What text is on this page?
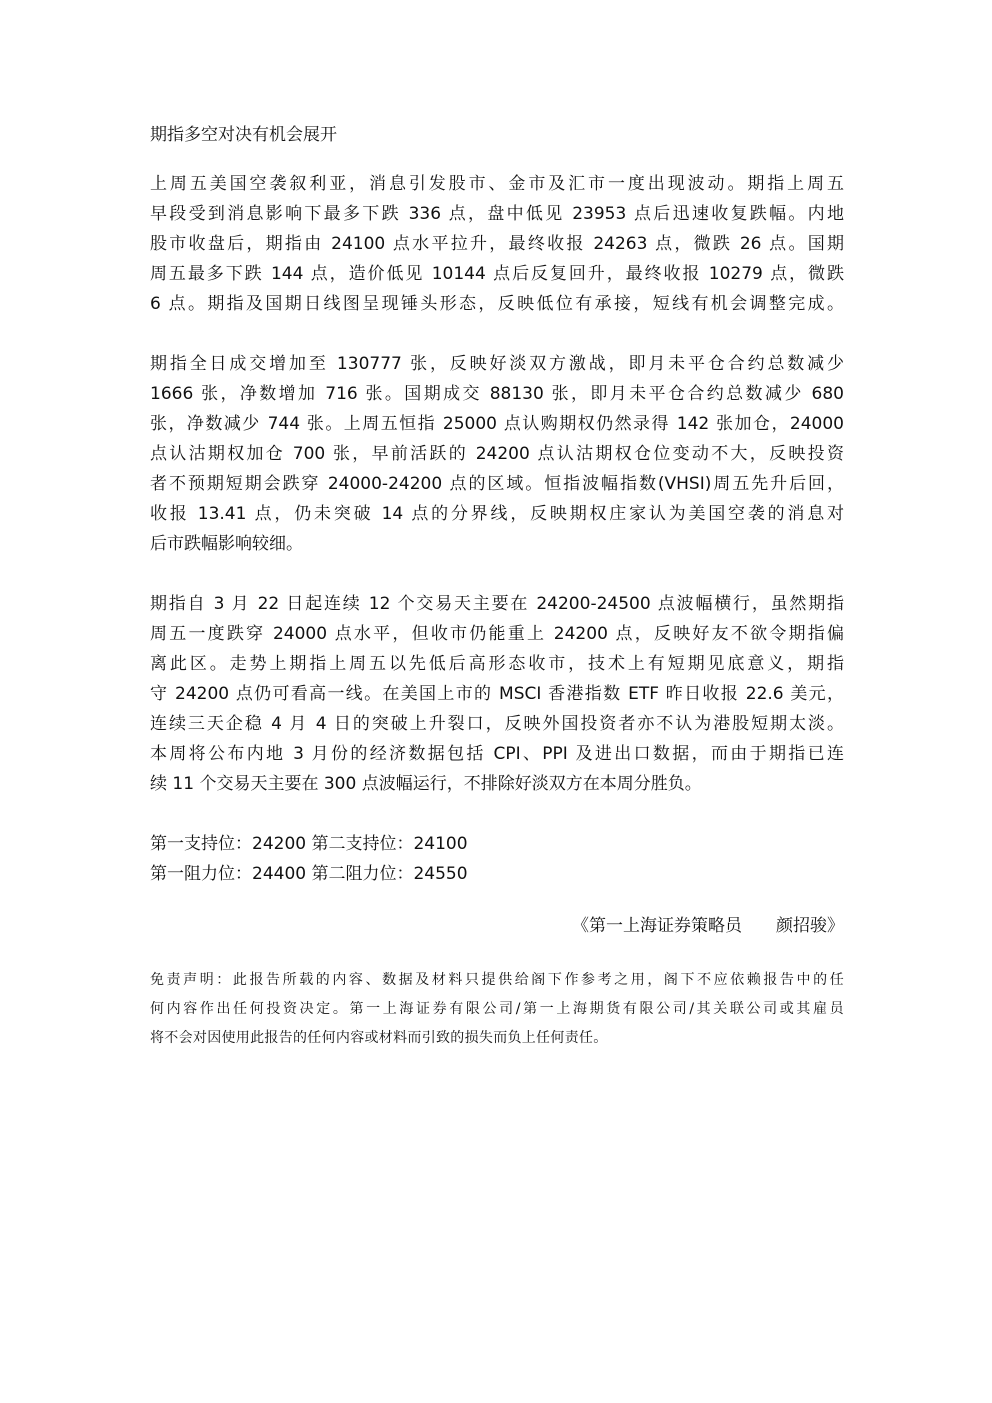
期指多空对决有机会展开
上周五美国空袭叙利亚，消息引发股市、金市及汇市一度出现波动。期指上周五
早段受到消息影响下最多下跌 336 点，盘中低见 23953 点后迅速收复跌幅。内地
股市收盘后，期指由 24100 点水平拉升，最终收报 24263 点，微跌 26 点。国期
周五最多下跌 144 点，造价低见 10144 点后反复回升，最终收报 10279 点，微跌
6 点。期指及国期日线图呈现锤头形态，反映低位有承接，短线有机会调整完成。
期指全日成交增加至 130777 张，反映好淡双方激战，即月未平仓合约总数减少
1666 张，净数增加 716 张。国期成交 88130 张，即月未平仓合约总数减少 680
张，净数减少 744 张。上周五恒指 25000 点认购期权仍然录得 142 张加仓，24000
点认沽期权加仓 700 张，早前活跃的 24200 点认沽期权仓位变动不大，反映投资
者不预期短期会跌穿 24000-24200 点的区域。恒指波幅指数(VHSI)周五先升后回，
收报 13.41 点，仍未突破 14 点的分界线，反映期权庄家认为美国空袭的消息对
后市跌幅影响较细。
期指自 3 月 22 日起连续 12 个交易天主要在 24200-24500 点波幅横行，虽然期指
周五一度跌穿 24000 点水平，但收市仍能重上 24200 点，反映好友不欲令期指偏
离此区。走势上期指上周五以先低后高形态收市，技术上有短期见底意义，期指
守 24200 点仍可看高一线。在美国上市的 MSCI 香港指数 ETF 昨日收报 22.6 美元，
连续三天企稳 4 月 4 日的突破上升裂口，反映外国投资者亦不认为港股短期太淡。
本周将公布内地 3 月份的经济数据包括 CPI、PPI 及进出口数据，而由于期指已连
续 11 个交易天主要在 300 点波幅运行，不排除好淡双方在本周分胜负。
第一支持位：24200 第二支持位：24100
第一阻力位：24400 第二阻力位：24550
《第一上海证券策略员　　颜招骏》
免责声明：此报告所载的内容、数据及材料只提供给阁下作参考之用，阁下不应依赖报告中的任
何内容作出任何投资决定。第一上海证券有限公司/第一上海期货有限公司/其关联公司或其雇员
将不会对因使用此报告的任何内容或材料而引致的损失而负上任何责任。
